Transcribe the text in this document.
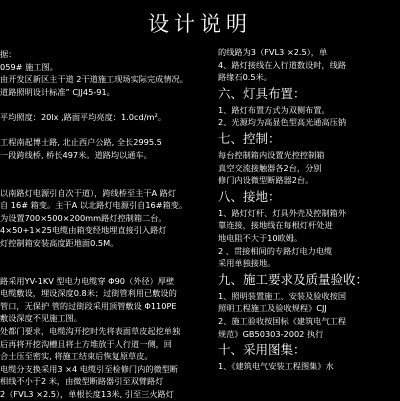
设计说明
据：
059# 施工图。
由开发区新区主干道 2干道施工现场实际完成情况。
道路照明设计标准” CJJ45-91。
平均照度：20lx ,路面平均亮度：1.0cd/m²。
工程南起博士路, 北止西户公路, 全长2995.5
一段跨线桥, 桥长497米。道路均以通车。
以南路灯电源引自次干道），跨线桥至主干A 路灯
自 16# 箱变。主干A 以北路灯电源引自16#箱变。
为设置700×500×200mm路灯控制箱二台。
4×50+1×25电缆由箱变经地埋直接引入路灯
灯控制箱安装高度距地面0.5M。
路采用YV-1KV 型电力电缆穿 Φ90（外径）厚壁
电缆敷设，埋设深度0.8米；过街管利用已敷设的
管口，无保护 管的过街段采用顶管敷设 Φ110PE
敷设深度不见施工图。
处都门要求，电缆沟开挖时先将表面草皮起挖单独
后再将开挖沟槽且将土方堆放于人行道一侧，回
合土压至密实, 将施工结束后恢复原草皮。
电缆分支换采用3 ×4 电缆引至检修门内的微型断
相线不小于2 米，由微型断路器引至双臂路灯
2（FVL3 ×2.5），单根长度13米, 引至三火路灯
的线路为3（FVL3 ×2.5），单
4、路灯接线在入行道数设时，线路
路缘石0.5米。
六、灯具布置：
1、路灯布置方式为双侧布置。
2、光源均为高显色型高光通高压钠
七、控制：
每台控制箱内设置光控控制箱
真空交流接触器各2台，分别
修门内设微型断路器2台。
八、接地：
1、路灯灯杆、灯具外壳及控制箱外
靠连接，接地线在每根灯杆处进
地电阻不大于10欧姆。
2 、贯接相间的专路灯电力电缆
采用单独接地。
九、施工要求及质量验收：
1、照明装置施工、安装及验收按国
照明工程施工及验收规程》CJJ
2、施工验收按国标《建筑电气工程
规范》GB50303-2002 执行
十、采用图集：
1、《建筑电气安装工程图集》水
